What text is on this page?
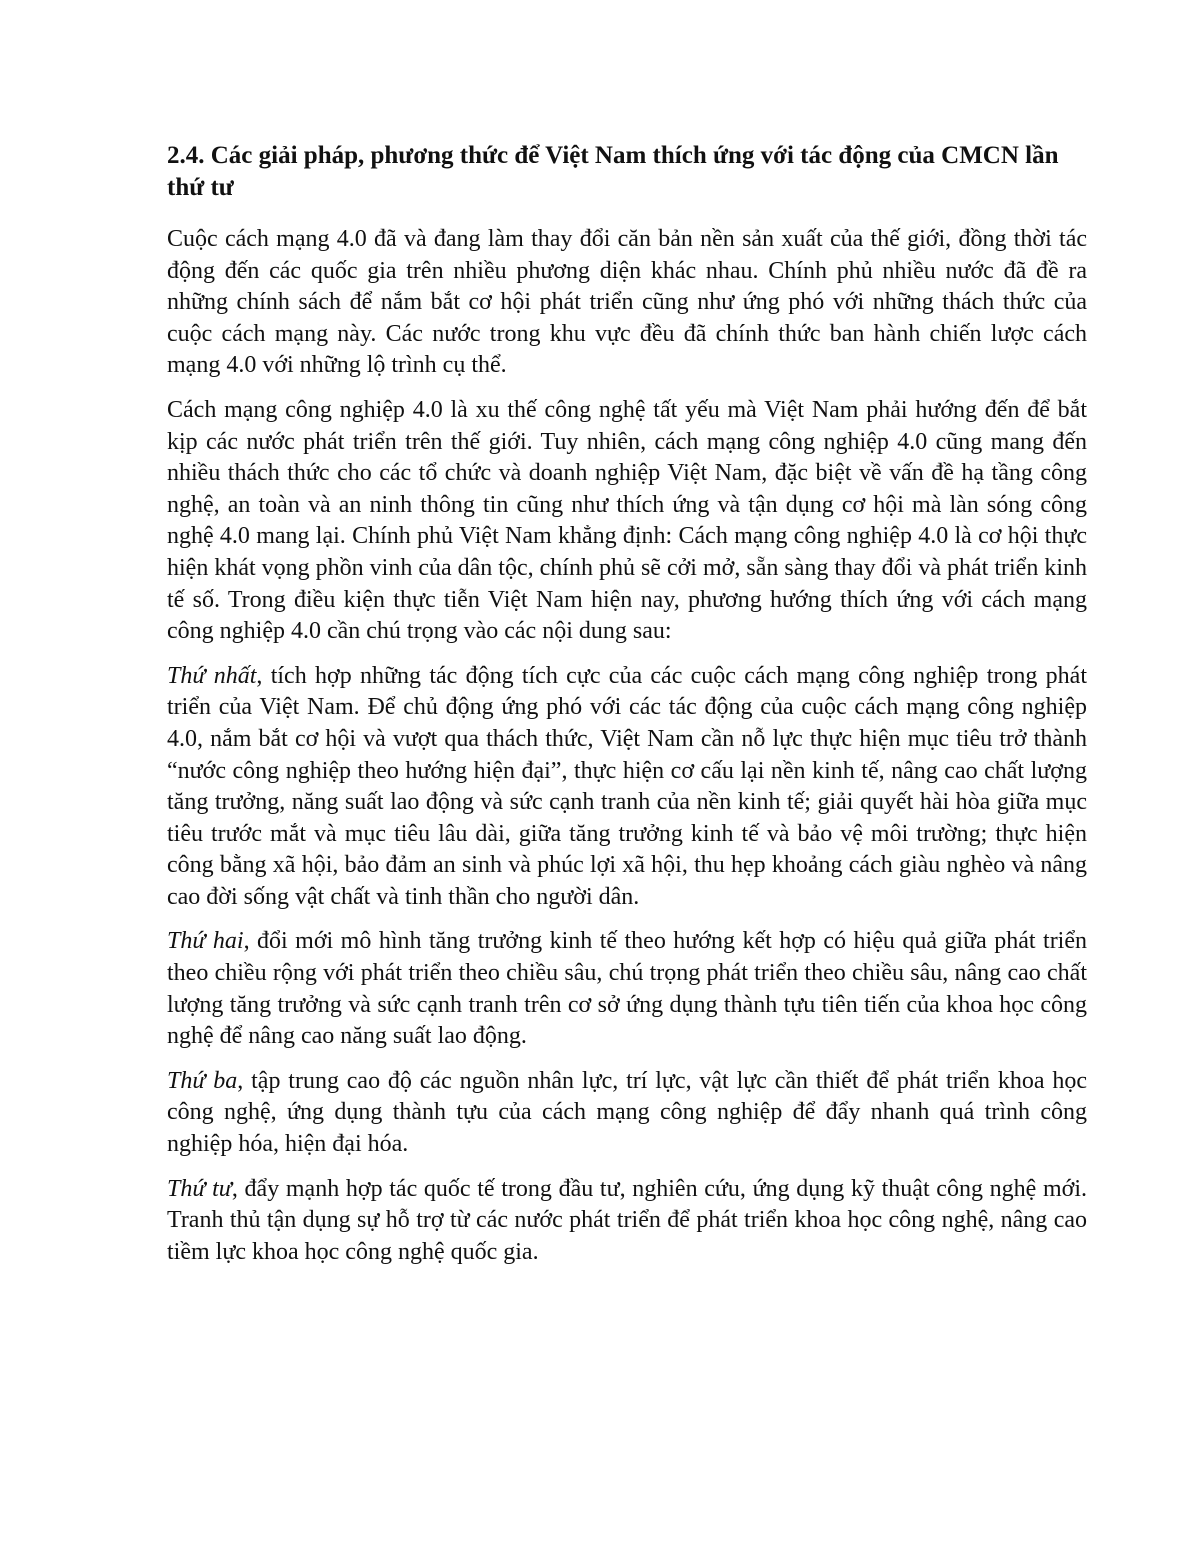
2.4. Các giải pháp, phương thức để Việt Nam thích ứng với tác động của CMCN lần thứ tư

Cuộc cách mạng 4.0 đã và đang làm thay đổi căn bản nền sản xuất của thế giới, đồng thời tác động đến các quốc gia trên nhiều phương diện khác nhau. Chính phủ nhiều nước đã đề ra những chính sách để nắm bắt cơ hội phát triển cũng như ứng phó với những thách thức của cuộc cách mạng này. Các nước trong khu vực đều đã chính thức ban hành chiến lược cách mạng 4.0 với những lộ trình cụ thể.

Cách mạng công nghiệp 4.0 là xu thế công nghệ tất yếu mà Việt Nam phải hướng đến để bắt kịp các nước phát triển trên thế giới. Tuy nhiên, cách mạng công nghiệp 4.0 cũng mang đến nhiều thách thức cho các tổ chức và doanh nghiệp Việt Nam, đặc biệt về vấn đề hạ tầng công nghệ, an toàn và an ninh thông tin cũng như thích ứng và tận dụng cơ hội mà làn sóng công nghệ 4.0 mang lại. Chính phủ Việt Nam khẳng định: Cách mạng công nghiệp 4.0 là cơ hội thực hiện khát vọng phồn vinh của dân tộc, chính phủ sẽ cởi mở, sẵn sàng thay đổi và phát triển kinh tế số. Trong điều kiện thực tiễn Việt Nam hiện nay, phương hướng thích ứng với cách mạng công nghiệp 4.0 cần chú trọng vào các nội dung sau:

Thứ nhất, tích hợp những tác động tích cực của các cuộc cách mạng công nghiệp trong phát triển của Việt Nam. Để chủ động ứng phó với các tác động của cuộc cách mạng công nghiệp 4.0, nắm bắt cơ hội và vượt qua thách thức, Việt Nam cần nỗ lực thực hiện mục tiêu trở thành “nước công nghiệp theo hướng hiện đại”, thực hiện cơ cấu lại nền kinh tế, nâng cao chất lượng tăng trưởng, năng suất lao động và sức cạnh tranh của nền kinh tế; giải quyết hài hòa giữa mục tiêu trước mắt và mục tiêu lâu dài, giữa tăng trưởng kinh tế và bảo vệ môi trường; thực hiện công bằng xã hội, bảo đảm an sinh và phúc lợi xã hội, thu hẹp khoảng cách giàu nghèo và nâng cao đời sống vật chất và tinh thần cho người dân.

Thứ hai, đổi mới mô hình tăng trưởng kinh tế theo hướng kết hợp có hiệu quả giữa phát triển theo chiều rộng với phát triển theo chiều sâu, chú trọng phát triển theo chiều sâu, nâng cao chất lượng tăng trưởng và sức cạnh tranh trên cơ sở ứng dụng thành tựu tiên tiến của khoa học công nghệ để nâng cao năng suất lao động.

Thứ ba, tập trung cao độ các nguồn nhân lực, trí lực, vật lực cần thiết để phát triển khoa học công nghệ, ứng dụng thành tựu của cách mạng công nghiệp để đẩy nhanh quá trình công nghiệp hóa, hiện đại hóa.

Thứ tư, đẩy mạnh hợp tác quốc tế trong đầu tư, nghiên cứu, ứng dụng kỹ thuật công nghệ mới. Tranh thủ tận dụng sự hỗ trợ từ các nước phát triển để phát triển khoa học công nghệ, nâng cao tiềm lực khoa học công nghệ quốc gia.
